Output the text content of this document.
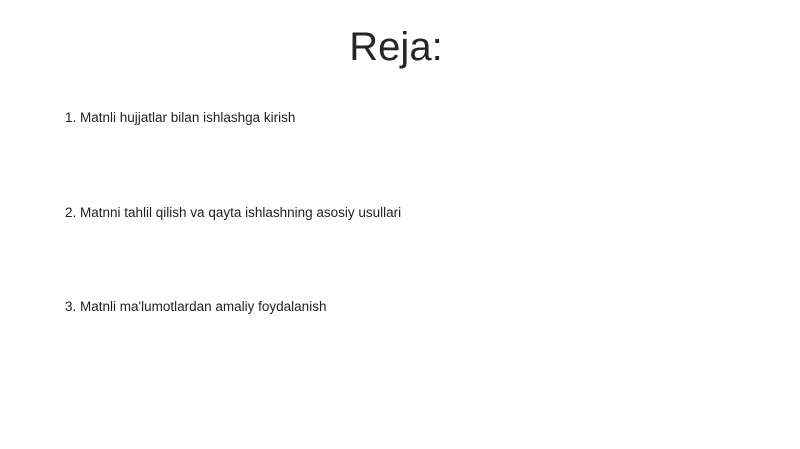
Reja:
1. Matnli hujjatlar bilan ishlashga kirish
2. Matnni tahlil qilish va qayta ishlashning asosiy usullari
3. Matnli ma'lumotlardan amaliy foydalanish
